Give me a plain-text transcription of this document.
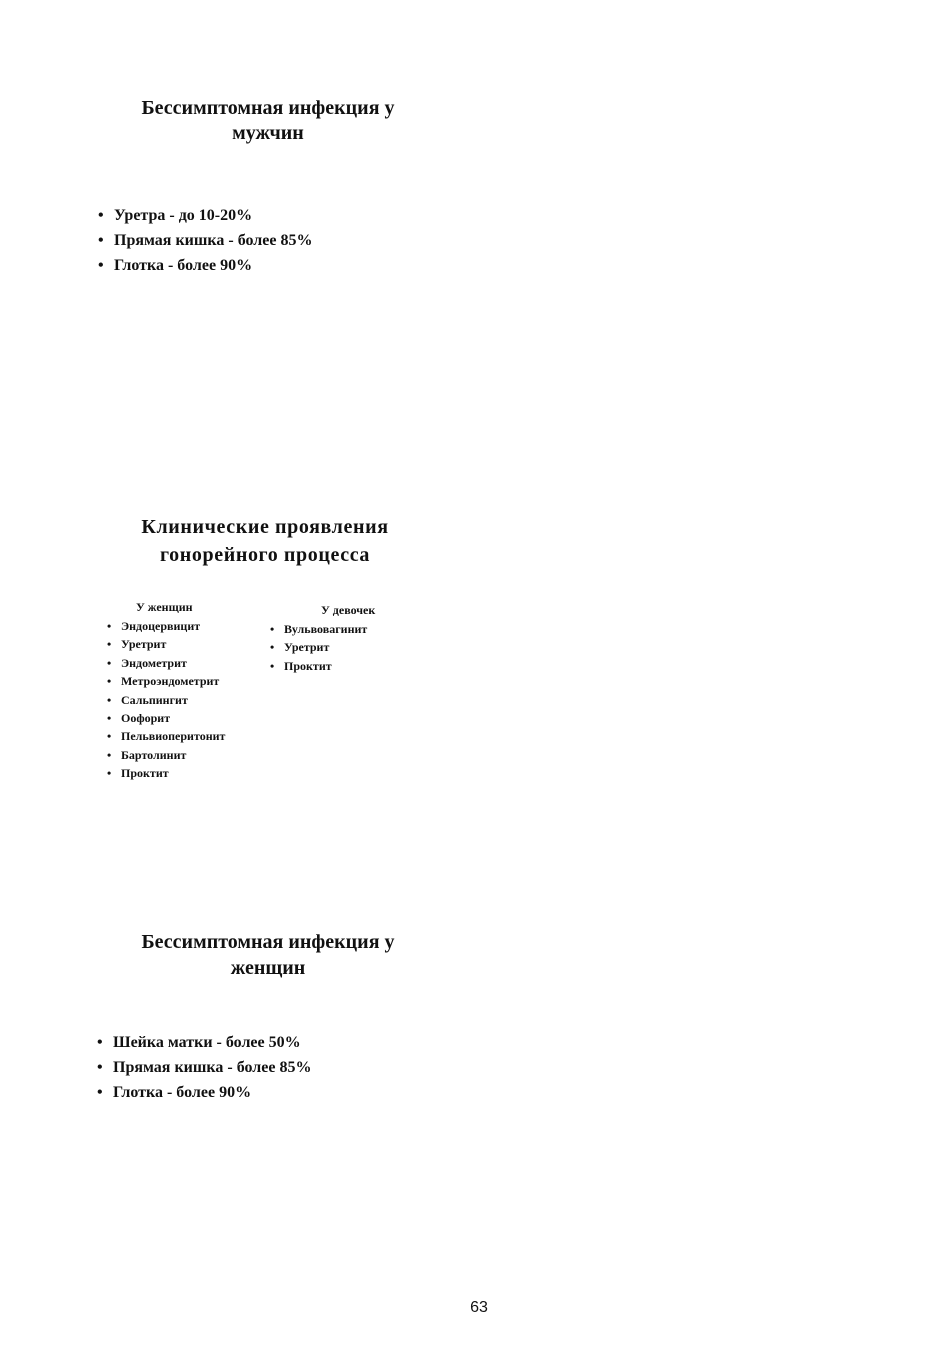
Бессимптомная инфекция у
мужчин
• Уретра - до 10-20%
• Прямая кишка - более 85%
• Глотка - более 90%
Клинические проявления
гонорейного процесса

У женщин

• Эндоцервицит
• Уретрит
• Эндометрит
• Метроэндометрит
• Сальпингит
• Оофорит
• Пельвиоперитонит
• Бартолинит
• Проктит

У девочек

• Вульвовагинит
• Уретрит
• Проктит
Бессимптомная инфекция у
женщин
• Шейка матки - более 50%
• Прямая кишка - более 85%
• Глотка - более 90%

63
